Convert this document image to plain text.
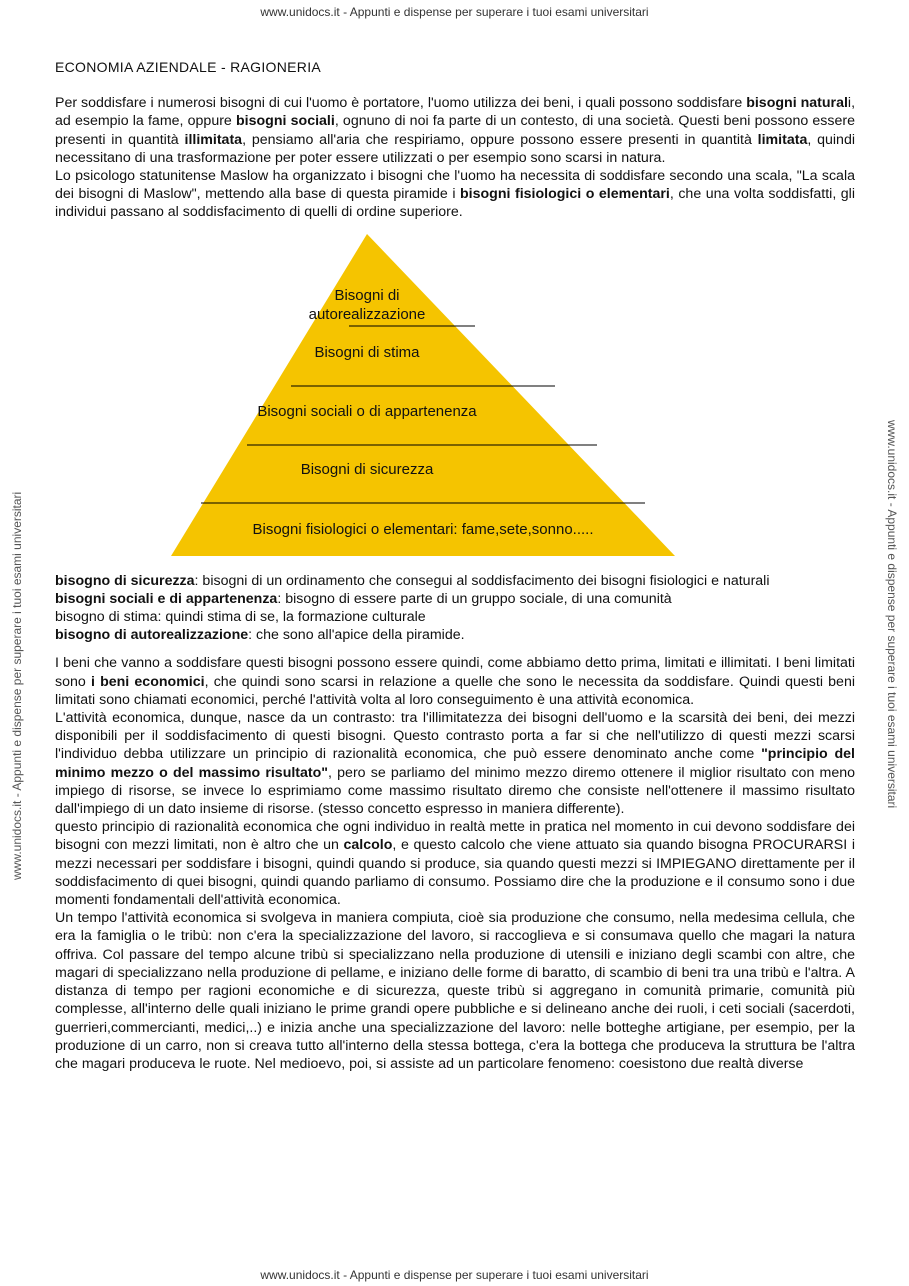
www.unidocs.it - Appunti e dispense per superare i tuoi esami universitari
www.unidocs.it - Appunti e dispense per superare i tuoi esami universitari	www.unidocs.it - Appunti e dispense per superare i tuoi esami universitari
ECONOMIA AZIENDALE - RAGIONERIA

Per soddisfare i numerosi bisogni di cui l'uomo è portatore, l'uomo utilizza dei beni, i quali possono soddisfare bisogni naturali, ad esempio la fame, oppure bisogni sociali, ognuno di noi fa parte di un contesto, di una società. Questi beni possono essere presenti in quantità illimitata, pensiamo all'aria che respiriamo, oppure possono essere presenti in quantità limitata, quindi necessitano di una trasformazione per poter essere utilizzati o per esempio sono scarsi in natura.

Lo psicologo statunitense Maslow ha organizzato i bisogni che l'uomo ha necessita di soddisfare secondo una scala, "La scala dei bisogni di Maslow", mettendo alla base di questa piramide i bisogni fisiologici o elementari, che una volta soddisfatti, gli individui passano al soddisfacimento di quelli di ordine superiore.

Bisogni di
autorealizzazione
Bisogni di stima
Bisogni sociali o di appartenenza
Bisogni di sicurezza
Bisogni fisiologici o elementari: fame,sete,sonno.....

bisogno di sicurezza: bisogni di un ordinamento che consegui al soddisfacimento dei bisogni fisiologici e naturali

bisogni sociali e di appartenenza: bisogno di essere parte di un gruppo sociale, di una comunità

bisogno di stima: quindi stima di se, la formazione culturale

bisogno di autorealizzazione: che sono all'apice della piramide.

I beni che vanno a soddisfare questi bisogni possono essere quindi, come abbiamo detto prima, limitati e illimitati. I beni limitati sono i beni economici, che quindi sono scarsi in relazione a quelle che sono le necessita da soddisfare. Quindi questi beni limitati sono chiamati economici, perché l'attività volta al loro conseguimento è una attività economica.

L'attività economica, dunque, nasce da un contrasto: tra l'illimitatezza dei bisogni dell'uomo e la scarsità dei beni, dei mezzi disponibili per il soddisfacimento di questi bisogni. Questo contrasto porta a far si che nell'utilizzo di questi mezzi scarsi l'individuo debba utilizzare un principio di razionalità economica, che può essere denominato anche come "principio del minimo mezzo o del massimo risultato", pero se parliamo del minimo mezzo diremo ottenere il miglior risultato con meno impiego di risorse, se invece lo esprimiamo come massimo risultato diremo che consiste nell'ottenere il massimo risultato dall'impiego di un dato insieme di risorse. (stesso concetto espresso in maniera differente).

questo principio di razionalità economica che ogni individuo in realtà mette in pratica nel momento in cui devono soddisfare dei bisogni con mezzi limitati, non è altro che un calcolo, e questo calcolo che viene attuato sia quando bisogna PROCURARSI i mezzi necessari per soddisfare i bisogni, quindi quando si produce, sia quando questi mezzi si IMPIEGANO direttamente per il soddisfacimento di quei bisogni, quindi quando parliamo di consumo. Possiamo dire che la produzione e il consumo sono i due momenti fondamentali dell'attività economica.

Un tempo l'attività economica si svolgeva in maniera compiuta, cioè sia produzione che consumo, nella medesima cellula, che era la famiglia o le tribù: non c'era la specializzazione del lavoro, si raccoglieva e si consumava quello che magari la natura offriva. Col passare del tempo alcune tribù si specializzano nella produzione di utensili e iniziano degli scambi con altre, che magari di specializzano nella produzione di pellame, e iniziano delle forme di baratto, di scambio di beni tra una tribù e l'altra. A distanza di tempo per ragioni economiche e di sicurezza, queste tribù si aggregano in comunità primarie, comunità più complesse, all'interno delle quali iniziano le prime grandi opere pubbliche e si delineano anche dei ruoli, i ceti sociali (sacerdoti, guerrieri,commercianti, medici,..) e inizia anche una specializzazione del lavoro: nelle botteghe artigiane, per esempio, per la produzione di un carro, non si creava tutto all'interno della stessa bottega, c'era la bottega che produceva la struttura be l'altra che magari produceva le ruote. Nel medioevo, poi, si assiste ad un particolare fenomeno: coesistono due realtà diverse

www.unidocs.it - Appunti e dispense per superare i tuoi esami universitari
